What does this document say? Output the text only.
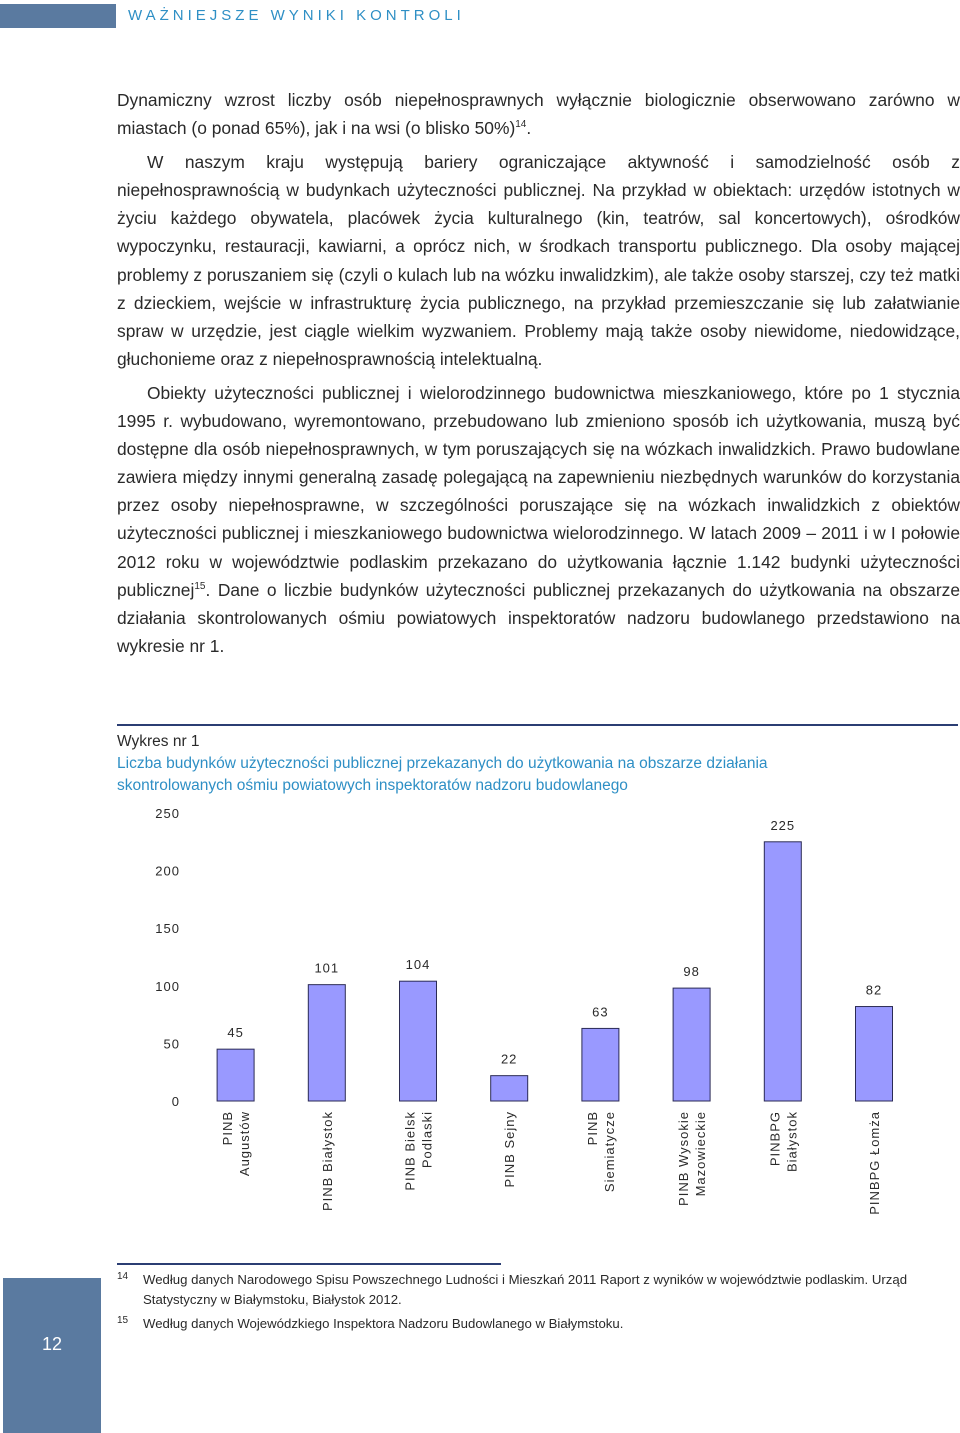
WAŻNIEJSZE WYNIKI KONTROLI

Dynamiczny wzrost liczby osób niepełnosprawnych wyłącznie biologicznie obserwowano zarówno w miastach (o ponad 65%), jak i na wsi (o blisko 50%)$^{14}$.

W naszym kraju występują bariery ograniczające aktywność i samodzielność osób z niepełnosprawnością w budynkach użyteczności publicznej. Na przykład w obiektach: urzędów istotnych w życiu każdego obywatela, placówek życia kulturalnego (kin, teatrów, sal koncertowych), ośrodków wypoczynku, restauracji, kawiarni, a oprócz nich, w środkach transportu publicznego. Dla osoby mającej problemy z poruszaniem się (czyli o kulach lub na wózku inwalidzkim), ale także osoby starszej, czy też matki z dzieckiem, wejście w infrastrukturę życia publicznego, na przykład przemieszczanie się lub załatwianie spraw w urzędzie, jest ciągle wielkim wyzwaniem. Problemy mają także osoby niewidome, niedowidzące, głuchonieme oraz z niepełnosprawnością intelektualną.

Obiekty użyteczności publicznej i wielorodzinnego budownictwa mieszkaniowego, które po 1 stycznia 1995 r. wybudowano, wyremontowano, przebudowano lub zmieniono sposób ich użytkowania, muszą być dostępne dla osób niepełnosprawnych, w tym poruszających się na wózkach inwalidzkich. Prawo budowlane zawiera między innymi generalną zasadę polegającą na zapewnieniu niezbędnych warunków do korzystania przez osoby niepełnosprawne, w szczególności poruszające się na wózkach inwalidzkich z obiektów użyteczności publicznej i mieszkaniowego budownictwa wielorodzinnego. W latach 2009 – 2011 i w I połowie 2012 roku w województwie podlaskim przekazano do użytkowania łącznie 1.142 budynki użyteczności publicznej$^{15}$. Dane o liczbie budynków użyteczności publicznej przekazanych do użytkowania na obszarze działania skontrolowanych ośmiu powiatowych inspektoratów nadzoru budowlanego przedstawiono na wykresie nr 1.

Wykres nr 1
Liczba budynków użyteczności publicznej przekazanych do użytkowania na obszarze działania skontrolowanych ośmiu powiatowych inspektoratów nadzoru budowlanego
0
50
100
150
200
250
45
PINB Augustów
101
PINB Białystok
104
PINB Bielsk Podlaski
22
PINB Sejny
63
PINB Siemiatycze
98
PINB Wysokie Mazowieckie
225
PINBPG Białystok
82
PINBPG Łomża
14 Według danych Narodowego Spisu Powszechnego Ludności i Mieszkań 2011 Raport z wyników w województwie podlaskim. Urząd Statystyczny w Białymstoku, Białystok 2012.
15 Według danych Wojewódzkiego Inspektora Nadzoru Budowlanego w Białymstoku.
12
